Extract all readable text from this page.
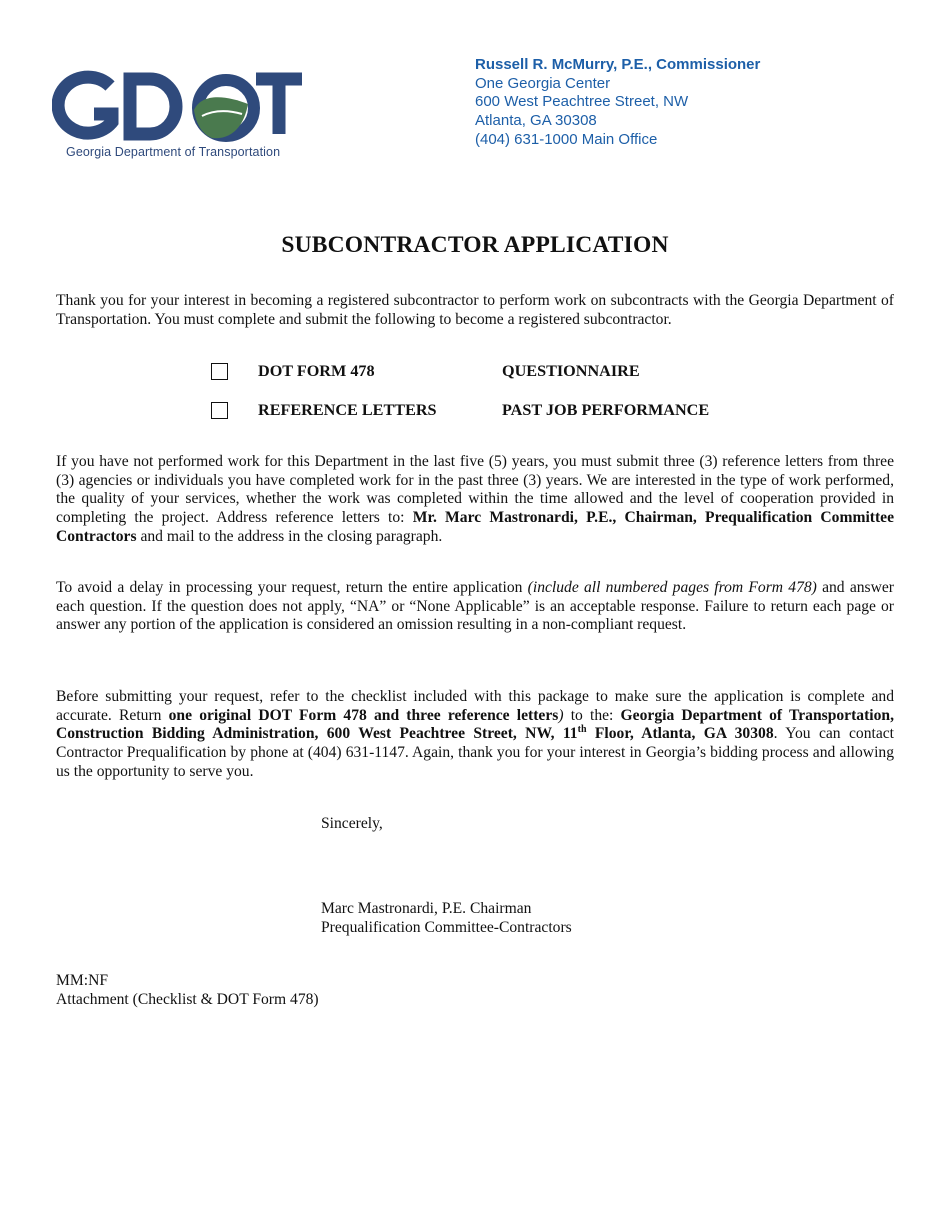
Georgia Department of Transportation
Russell R. McMurry, P.E., Commissioner
One Georgia Center
600 West Peachtree Street, NW
Atlanta, GA 30308
(404) 631-1000 Main Office
SUBCONTRACTOR APPLICATION
Thank you for your interest in becoming a registered subcontractor to perform work on subcontracts with the Georgia Department of Transportation. You must complete and submit the following to become a registered subcontractor.
DOT FORM 478	QUESTIONNAIRE
REFERENCE LETTERS	PAST JOB PERFORMANCE
If you have not performed work for this Department in the last five (5) years, you must submit three (3) reference letters from three (3) agencies or individuals you have completed work for in the past three (3) years. We are interested in the type of work performed, the quality of your services, whether the work was completed within the time allowed and the level of cooperation provided in completing the project. Address reference letters to: Mr. Marc Mastronardi, P.E., Chairman, Prequalification Committee Contractors and mail to the address in the closing paragraph.
To avoid a delay in processing your request, return the entire application (include all numbered pages from Form 478) and answer each question. If the question does not apply, “NA” or “None Applicable” is an acceptable response. Failure to return each page or answer any portion of the application is considered an omission resulting in a non-compliant request.
Before submitting your request, refer to the checklist included with this package to make sure the application is complete and accurate. Return one original DOT Form 478 and three reference letters) to the: Georgia Department of Transportation, Construction Bidding Administration, 600 West Peachtree Street, NW, 11th Floor, Atlanta, GA 30308. You can contact Contractor Prequalification by phone at (404) 631-1147. Again, thank you for your interest in Georgia’s bidding process and allowing us the opportunity to serve you.
Sincerely,
Marc Mastronardi, P.E. Chairman
Prequalification Committee-Contractors
MM:NF
Attachment (Checklist & DOT Form 478)
